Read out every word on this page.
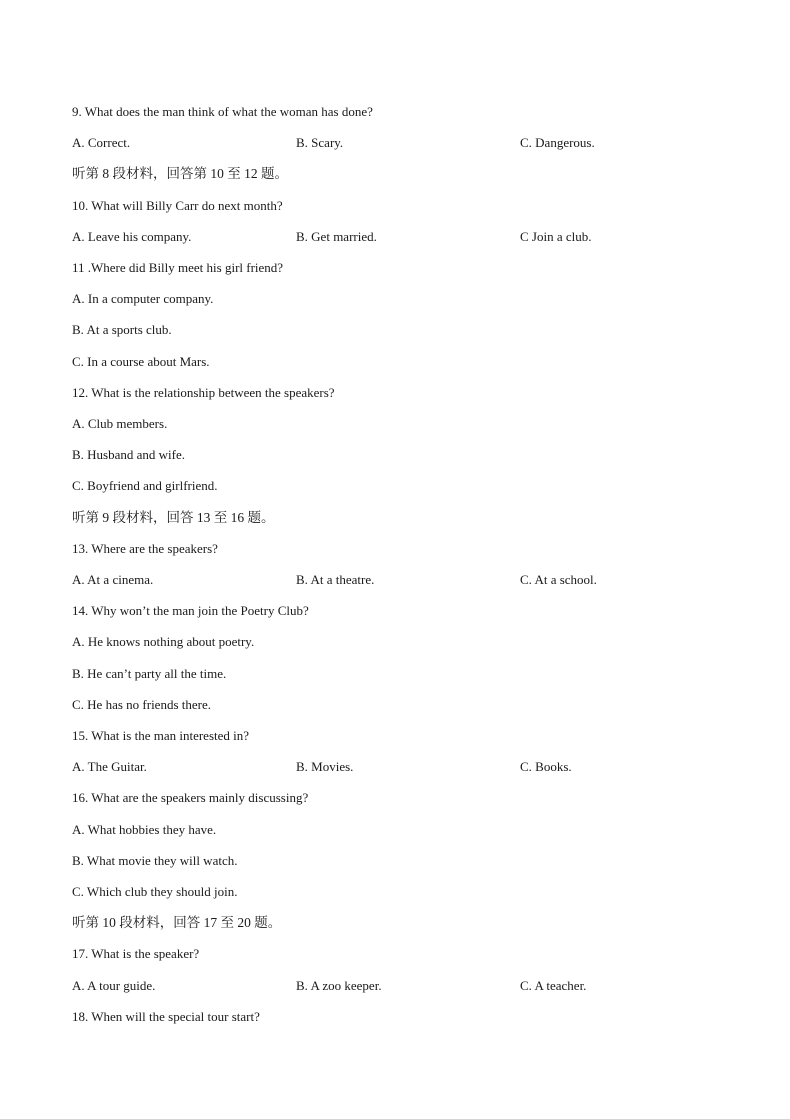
9. What does the man think of what the woman has done?
A. Correct.	B. Scary.	C. Dangerous.
听第 8 段材料，回答第 10 至 12 题。
10. What will Billy Carr do next month?
A. Leave his company.	B. Get married.	C Join a club.
11 .Where did Billy meet his girl friend?
A. In a computer company.
B. At a sports club.
C. In a course about Mars.
12. What is the relationship between the speakers?
A. Club members.
B. Husband and wife.
C. Boyfriend and girlfriend.
听第 9 段材料，回答 13 至 16 题。
13. Where are the speakers?
A. At a cinema.	B. At a theatre.	C. At a school.
14. Why won’t the man join the Poetry Club?
A. He knows nothing about poetry.
B. He can’t party all the time.
C. He has no friends there.
15. What is the man interested in?
A. The Guitar.	B. Movies.	C. Books.
16. What are the speakers mainly discussing?
A. What hobbies they have.
B. What movie they will watch.
C. Which club they should join.
听第 10 段材料，回答 17 至 20 题。
17. What is the speaker?
A. A tour guide.	B. A zoo keeper.	C. A teacher.
18. When will the special tour start?
